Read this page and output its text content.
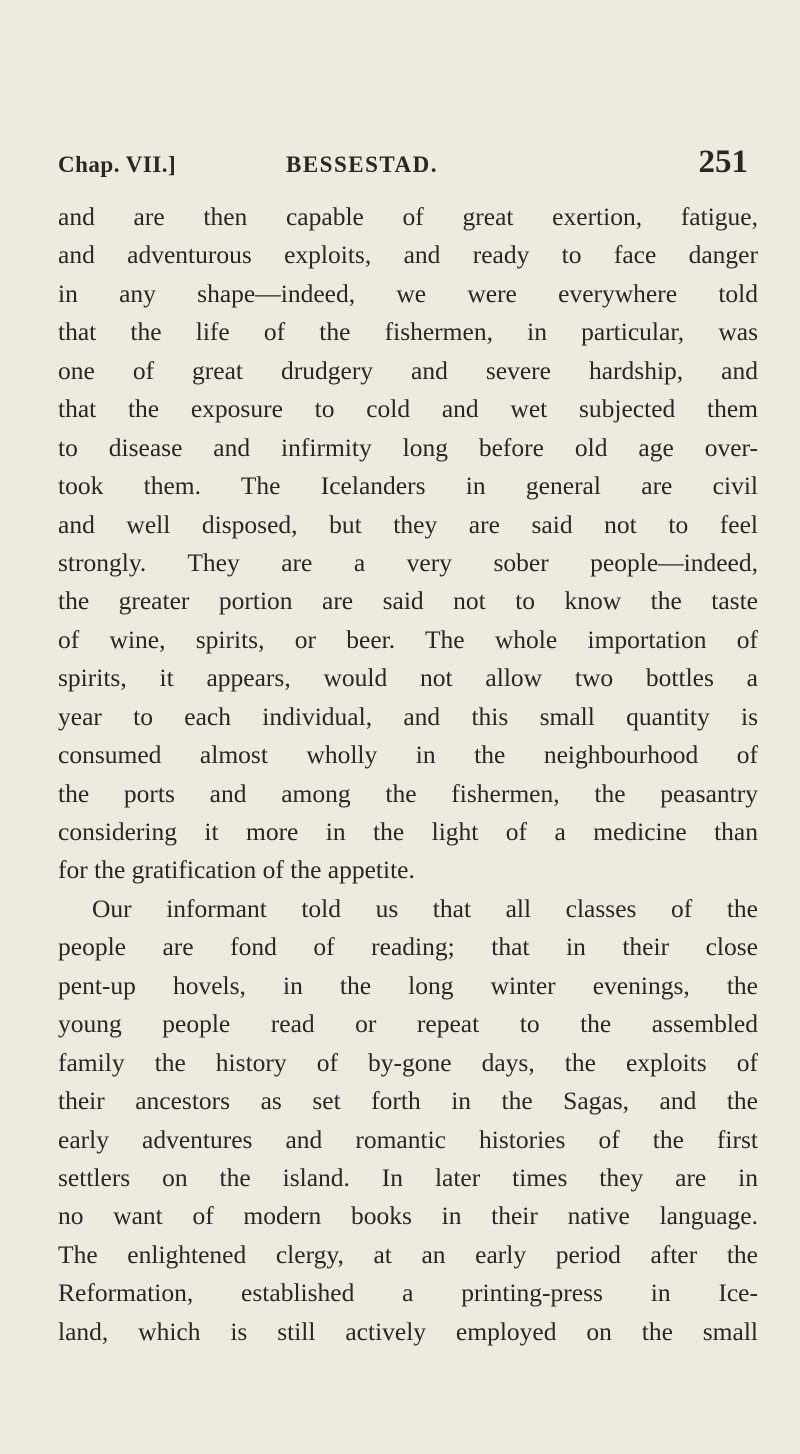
Chap. VII.]	BESSESTAD.	251
and are then capable of great exertion, fatigue,
and adventurous exploits, and ready to face danger
in any shape—indeed, we were everywhere told
that the life of the fishermen, in particular, was
one of great drudgery and severe hardship, and
that the exposure to cold and wet subjected them
to disease and infirmity long before old age over-
took them. The Icelanders in general are civil
and well disposed, but they are said not to feel
strongly. They are a very sober people—indeed,
the greater portion are said not to know the taste
of wine, spirits, or beer. The whole importation of
spirits, it appears, would not allow two bottles a
year to each individual, and this small quantity is
consumed almost wholly in the neighbourhood of
the ports and among the fishermen, the peasantry
considering it more in the light of a medicine than
for the gratification of the appetite.
Our informant told us that all classes of the
people are fond of reading; that in their close
pent-up hovels, in the long winter evenings, the
young people read or repeat to the assembled
family the history of by-gone days, the exploits of
their ancestors as set forth in the Sagas, and the
early adventures and romantic histories of the first
settlers on the island. In later times they are in
no want of modern books in their native language.
The enlightened clergy, at an early period after the
Reformation, established a printing-press in Ice-
land, which is still actively employed on the small
